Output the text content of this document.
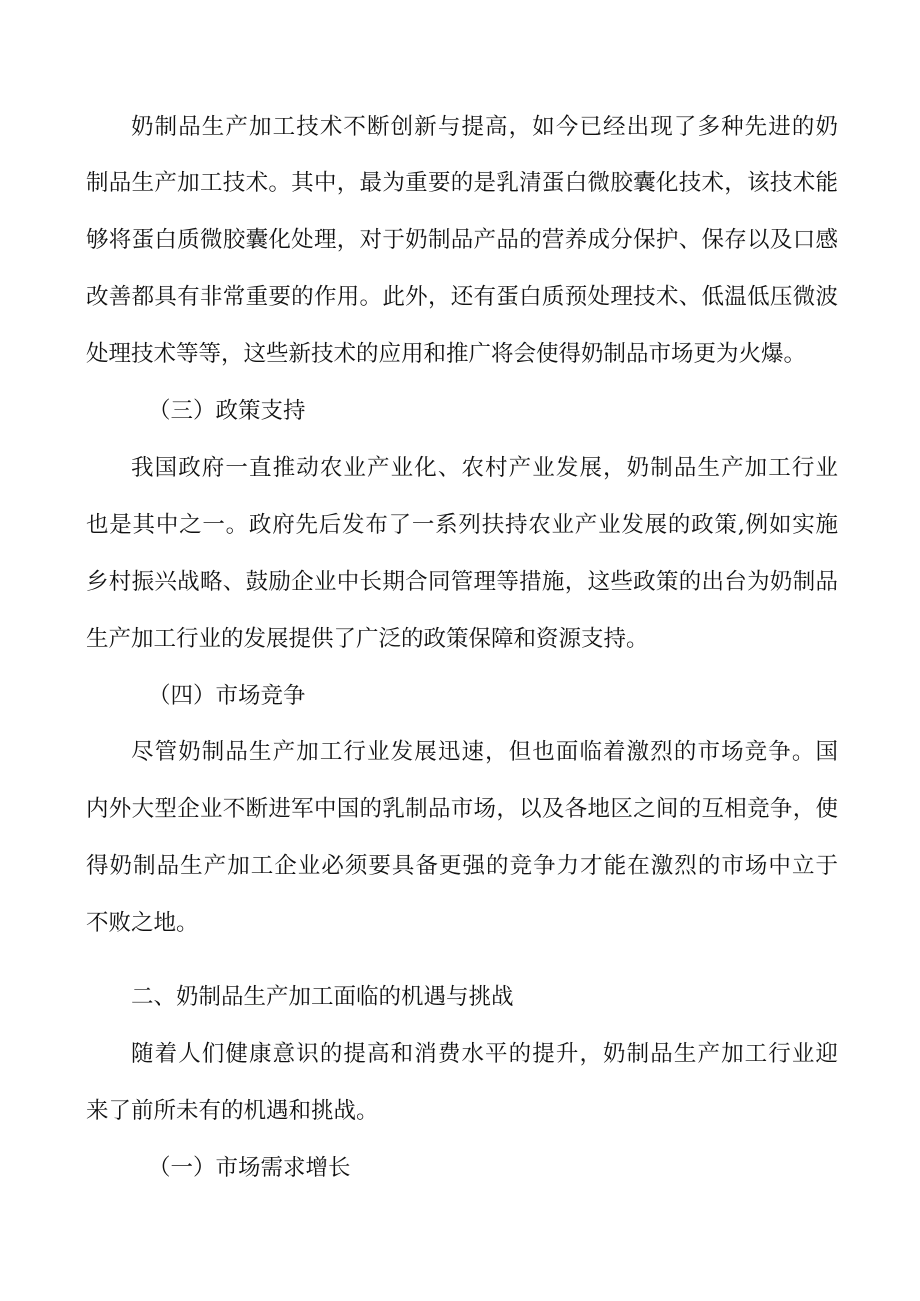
奶制品生产加工技术不断创新与提高，如今已经出现了多种先进的奶
制品生产加工技术。其中，最为重要的是乳清蛋白微胶囊化技术，该技术能
够将蛋白质微胶囊化处理，对于奶制品产品的营养成分保护、保存以及口感
改善都具有非常重要的作用。此外，还有蛋白质预处理技术、低温低压微波
处理技术等等，这些新技术的应用和推广将会使得奶制品市场更为火爆。
（三）政策支持
我国政府一直推动农业产业化、农村产业发展，奶制品生产加工行业
也是其中之一。政府先后发布了一系列扶持农业产业发展的政策,例如实施
乡村振兴战略、鼓励企业中长期合同管理等措施，这些政策的出台为奶制品
生产加工行业的发展提供了广泛的政策保障和资源支持。
（四）市场竞争
尽管奶制品生产加工行业发展迅速，但也面临着激烈的市场竞争。国
内外大型企业不断进军中国的乳制品市场，以及各地区之间的互相竞争，使
得奶制品生产加工企业必须要具备更强的竞争力才能在激烈的市场中立于
不败之地。
二、奶制品生产加工面临的机遇与挑战
随着人们健康意识的提高和消费水平的提升，奶制品生产加工行业迎
来了前所未有的机遇和挑战。
（一）市场需求增长
